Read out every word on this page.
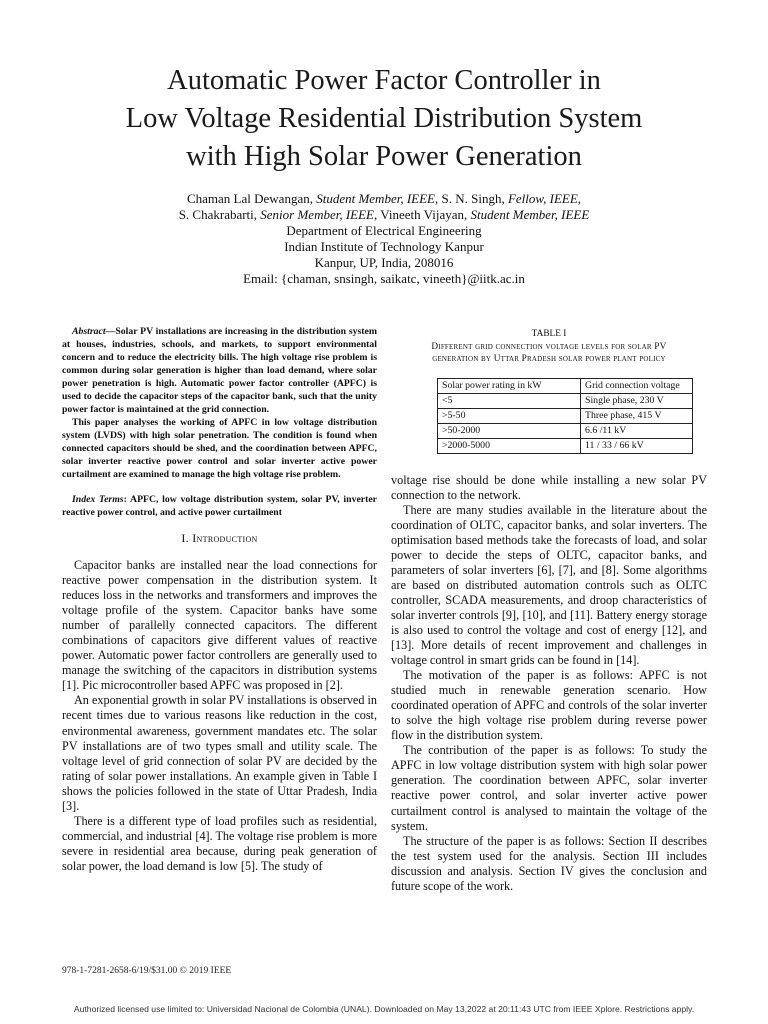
Automatic Power Factor Controller in
Low Voltage Residential Distribution System
with High Solar Power Generation
Chaman Lal Dewangan, Student Member, IEEE, S. N. Singh, Fellow, IEEE,
S. Chakrabarti, Senior Member, IEEE, Vineeth Vijayan, Student Member, IEEE
Department of Electrical Engineering
Indian Institute of Technology Kanpur
Kanpur, UP, India, 208016
Email: {chaman, snsingh, saikatc, vineeth}@iitk.ac.in

Abstract—Solar PV installations are increasing in the distribution system at houses, industries, schools, and markets, to support environmental concern and to reduce the electricity bills. The high voltage rise problem is common during solar generation is higher than load demand, where solar power penetration is high. Automatic power factor controller (APFC) is used to decide the capacitor steps of the capacitor bank, such that the unity power factor is maintained at the grid connection.

This paper analyses the working of APFC in low voltage distribution system (LVDS) with high solar penetration. The condition is found when connected capacitors should be shed, and the coordination between APFC, solar inverter reactive power control and solar inverter active power curtailment are examined to manage the high voltage rise problem.

Index Terms: APFC, low voltage distribution system, solar PV, inverter reactive power control, and active power curtailment
I. Introduction

Capacitor banks are installed near the load connections for reactive power compensation in the distribution system. It reduces loss in the networks and transformers and improves the voltage profile of the system. Capacitor banks have some number of parallelly connected capacitors. The different combinations of capacitors give different values of reactive power. Automatic power factor controllers are generally used to manage the switching of the capacitors in distribution systems [1]. Pic microcontroller based APFC was proposed in [2].

An exponential growth in solar PV installations is observed in recent times due to various reasons like reduction in the cost, environmental awareness, government mandates etc. The solar PV installations are of two types small and utility scale. The voltage level of grid connection of solar PV are decided by the rating of solar power installations. An example given in Table I shows the policies followed in the state of Uttar Pradesh, India [3].

There is a different type of load profiles such as residential, commercial, and industrial [4]. The voltage rise problem is more severe in residential area because, during peak generation of solar power, the load demand is low [5]. The study of

TABLE I
Different grid connection voltage levels for solar PV
generation by Uttar Pradesh solar power plant policy
Solar power rating in kW	Grid connection voltage
<5	Single phase, 230 V
>5-50	Three phase, 415 V
>50-2000	6.6 /11 kV
>2000-5000	11 / 33 / 66 kV

voltage rise should be done while installing a new solar PV connection to the network.

There are many studies available in the literature about the coordination of OLTC, capacitor banks, and solar inverters. The optimisation based methods take the forecasts of load, and solar power to decide the steps of OLTC, capacitor banks, and parameters of solar inverters [6], [7], and [8]. Some algorithms are based on distributed automation controls such as OLTC controller, SCADA measurements, and droop characteristics of solar inverter controls [9], [10], and [11]. Battery energy storage is also used to control the voltage and cost of energy [12], and [13]. More details of recent improvement and challenges in voltage control in smart grids can be found in [14].

The motivation of the paper is as follows: APFC is not studied much in renewable generation scenario. How coordinated operation of APFC and controls of the solar inverter to solve the high voltage rise problem during reverse power flow in the distribution system.

The contribution of the paper is as follows: To study the APFC in low voltage distribution system with high solar power generation. The coordination between APFC, solar inverter reactive power control, and solar inverter active power curtailment control is analysed to maintain the voltage of the system.

The structure of the paper is as follows: Section II describes the test system used for the analysis. Section III includes discussion and analysis. Section IV gives the conclusion and future scope of the work.

978-1-7281-2658-6/19/$31.00 © 2019 IEEE
Authorized licensed use limited to: Universidad Nacional de Colombia (UNAL). Downloaded on May 13,2022 at 20:11:43 UTC from IEEE Xplore. Restrictions apply.
